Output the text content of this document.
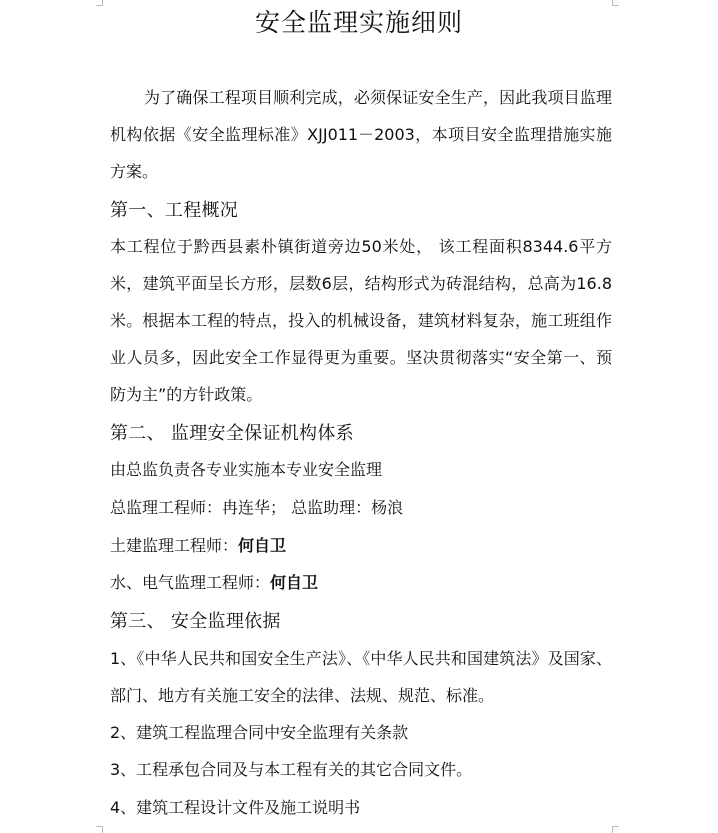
安全监理实施细则
为了确保工程项目顺利完成，必须保证安全生产，因此我项目监理机构依据《安全监理标准》XJJ011－2003，本项目安全监理措施实施方案。
第一、工程概况
本工程位于黔西县素朴镇街道旁边50米处， 该工程面积8344.6平方米，建筑平面呈长方形，层数6层，结构形式为砖混结构，总高为16.8米。根据本工程的特点，投入的机械设备，建筑材料复杂，施工班组作业人员多，因此安全工作显得更为重要。坚决贯彻落实“安全第一、预防为主”的方针政策。
第二、 监理安全保证机构体系
由总监负责各专业实施本专业安全监理
总监理工程师：冉连华； 总监助理：杨浪
土建监理工程师：何自卫
水、电气监理工程师：何自卫
第三、 安全监理依据
1、《中华人民共和国安全生产法》、《中华人民共和国建筑法》及国家、部门、地方有关施工安全的法律、法规、规范、标准。
2、建筑工程监理合同中安全监理有关条款
3、工程承包合同及与本工程有关的其它合同文件。
4、建筑工程设计文件及施工说明书
